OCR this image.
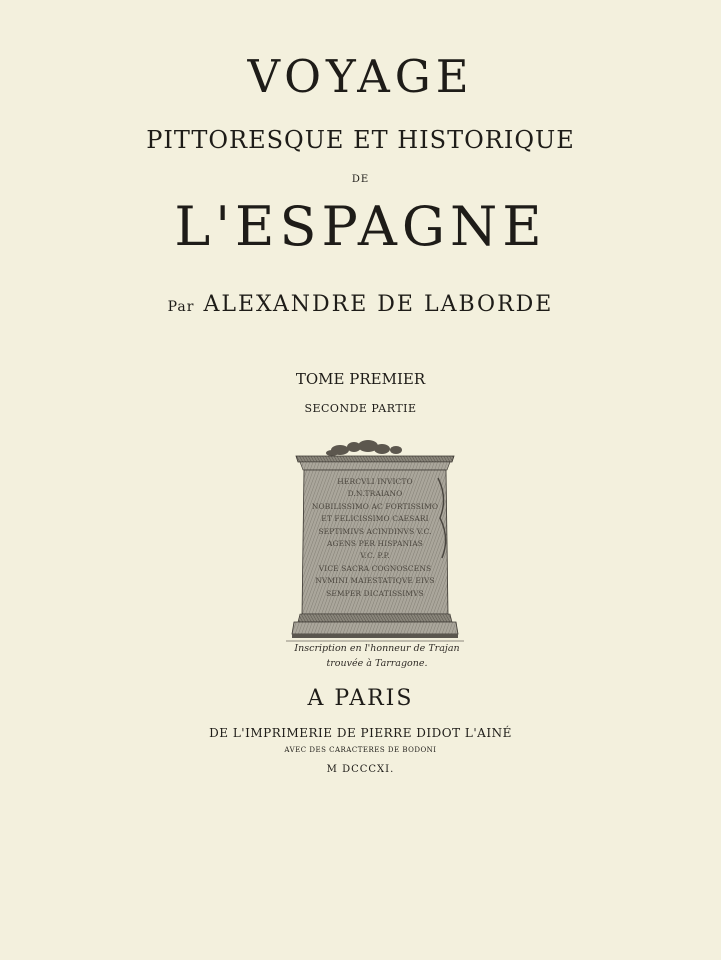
VOYAGE
PITTORESQUE ET HISTORIQUE
DE
L'ESPAGNE
Par ALEXANDRE DE LABORDE
TOME PREMIER
SECONDE PARTIE
HERCVLI INVICTO
D.N.TRAIANO
NOBILISSIMO AC FORTISSIMO
ET FELICISSIMO CAESARI
SEPTIMIVS ACINDINVS V.C.
AGENS PER HISPANIAS
V.C. P.P.
VICE SACRA COGNOSCENS
NVMINI MAIESTATIQVE EIVS
SEMPER DICATISSIMVS
Inscription en l'honneur de Trajan
trouvée à Tarragone.
A PARIS
DE L'IMPRIMERIE DE PIERRE DIDOT L'AINÉ
AVEC DES CARACTERES DE BODONI
M DCCCXI.
